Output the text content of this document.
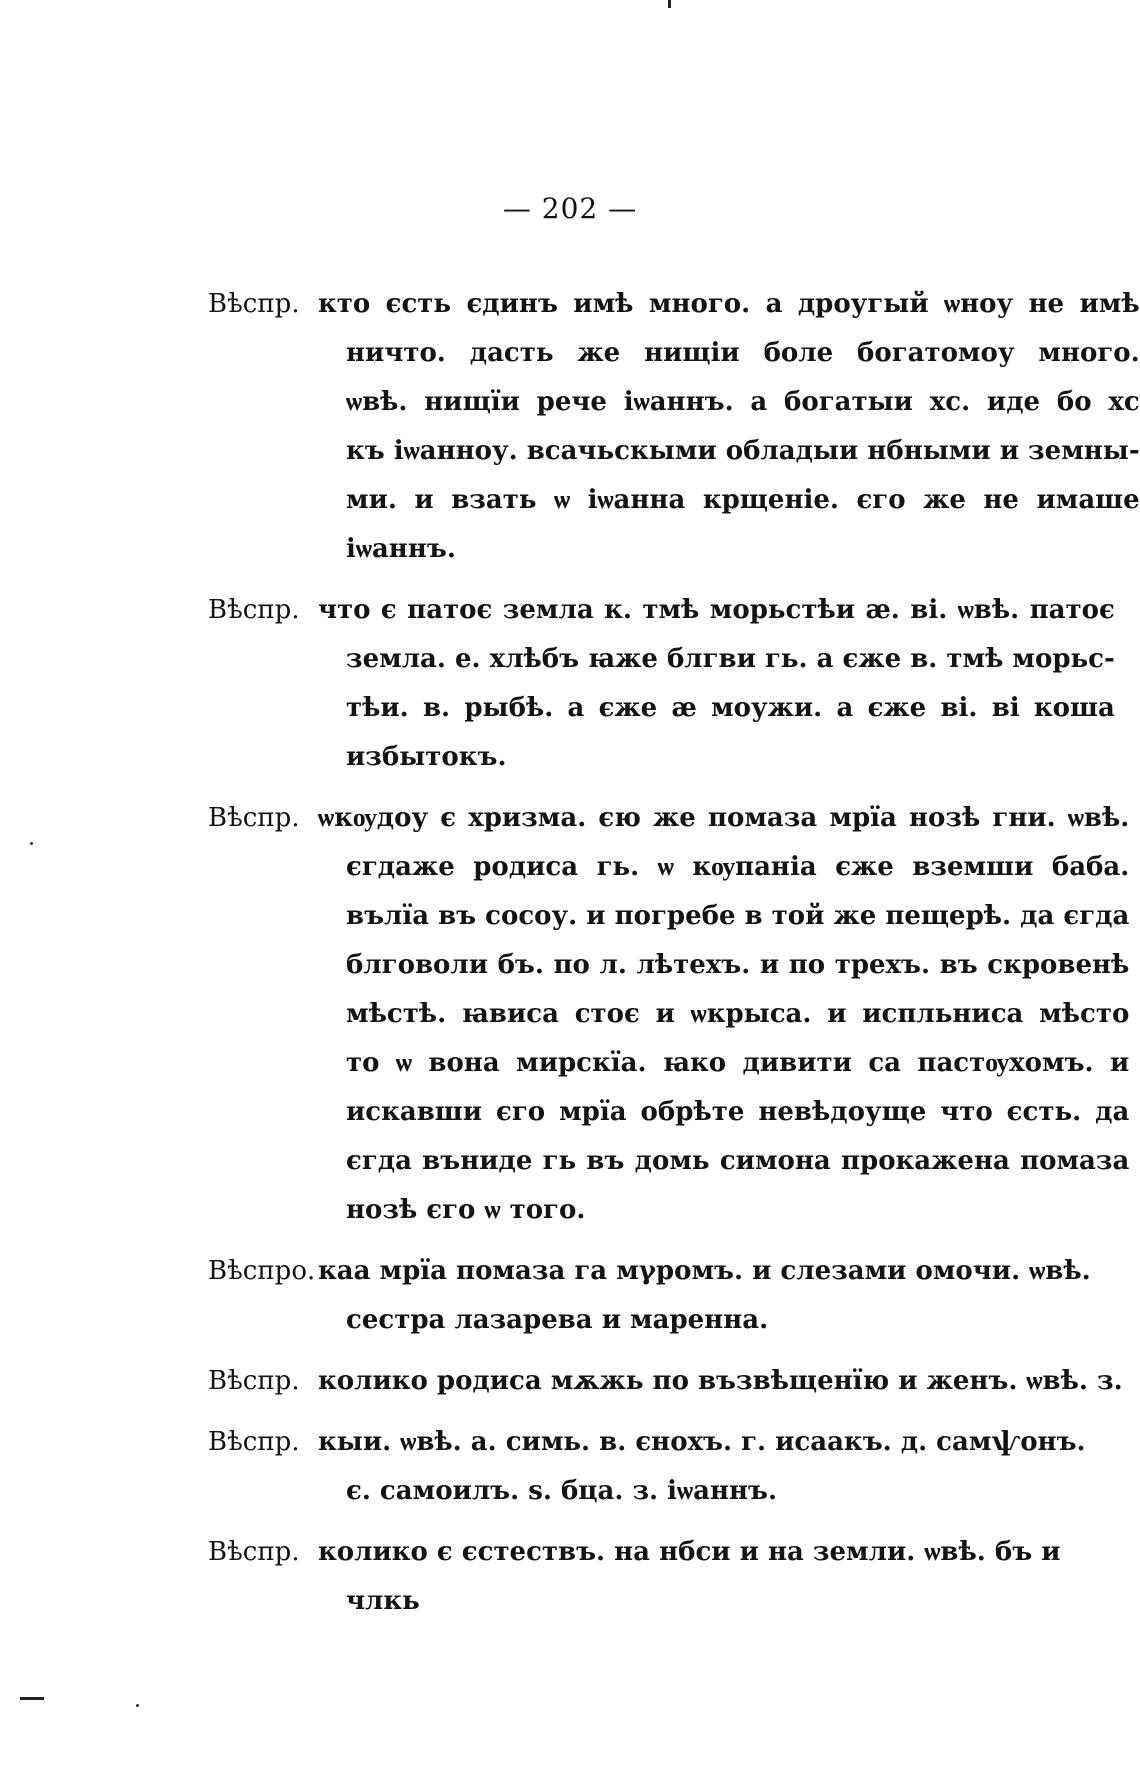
— 202 —
Вѣспр. кто єсть єдинъ имѣ много. а дроугый ѡноу не имѣ
ничто. дасть же нищіи боле богатомоу много.
ѡвѣ. нищїи рече іѡаннъ. а богатыи хс. иде бо хс
къ іѡанноу. всачьскыми обладыи нбными и земны-
ми. и взать ѡ іѡанна крщеніе. єго же не имаше
іѡаннъ.
Вѣспр. что є патоє земла к. тмѣ морьстѣи ӕ. ві. ѡвѣ. патоє
земла. е. хлѣбъ ꙗже блгви гь. а єже в. тмѣ морьс-
тѣи. в. рыбѣ. а єже ӕ моужи. а єже ві. ві коша
избытокъ.
Вѣспр. ѡкѹдоу є хризма. єю же помаза мрїа нозѣ гни. ѡвѣ.
єгдаже родиса гь. ѡ кѹпаніа єже вземши баба.
вълїа въ сосоу. и погребе в той же пещерѣ. да єгда
блговоли бъ. по л. лѣтехъ. и по трехъ. въ скровенѣ
мѣстѣ. ꙗвиса стоє и ѡкрыса. и испльниса мѣсто
то ѡ вона мирскїа. ꙗко дивити са пастѹхомъ. и
искавши єго мрїа обрѣте невѣдоуще что єсть. да
єгда въниде гь въ домь симона прокажена помаза
нозѣ єго ѡ того.
Вѣспро. каа мрїа помаза га мγромъ. и слезами омочи. ѡвѣ.
сестра лазарева и маренна.
Вѣспр. колико родиса мѫжь по възвѣщенїю и женъ. ѡвѣ. з.
Вѣспр. кыи. ѡвѣ. а. симь. в. єнохъ. г. исаакъ. д. самѱонъ.
є. самоилъ. ѕ. бца. з. іѡаннъ.
Вѣспр. колико є єстествъ. на нбси и на земли. ѡвѣ. бъ и
члкь
